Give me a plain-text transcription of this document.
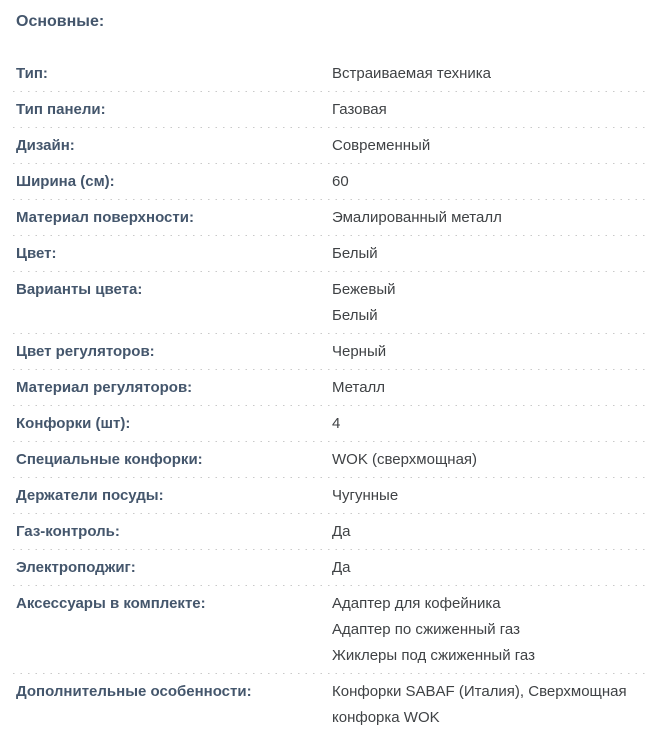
Основные:
Тип:	Встраиваемая техника
Тип панели:	Газовая
Дизайн:	Современный
Ширина (см):	60
Материал поверхности:	Эмалированный металл
Цвет:	Белый
Варианты цвета:	Бежевый
Белый
Цвет регуляторов:	Черный
Материал регуляторов:	Металл
Конфорки (шт):	4
Специальные конфорки:	WOK (сверхмощная)
Держатели посуды:	Чугунные
Газ-контроль:	Да
Электроподжиг:	Да
Аксессуары в комплекте:	Адаптер для кофейника
Адаптер по сжиженный газ
Жиклеры под сжиженный газ
Дополнительные особенности:	Конфорки SABAF (Италия), Сверхмощная конфорка WOK
